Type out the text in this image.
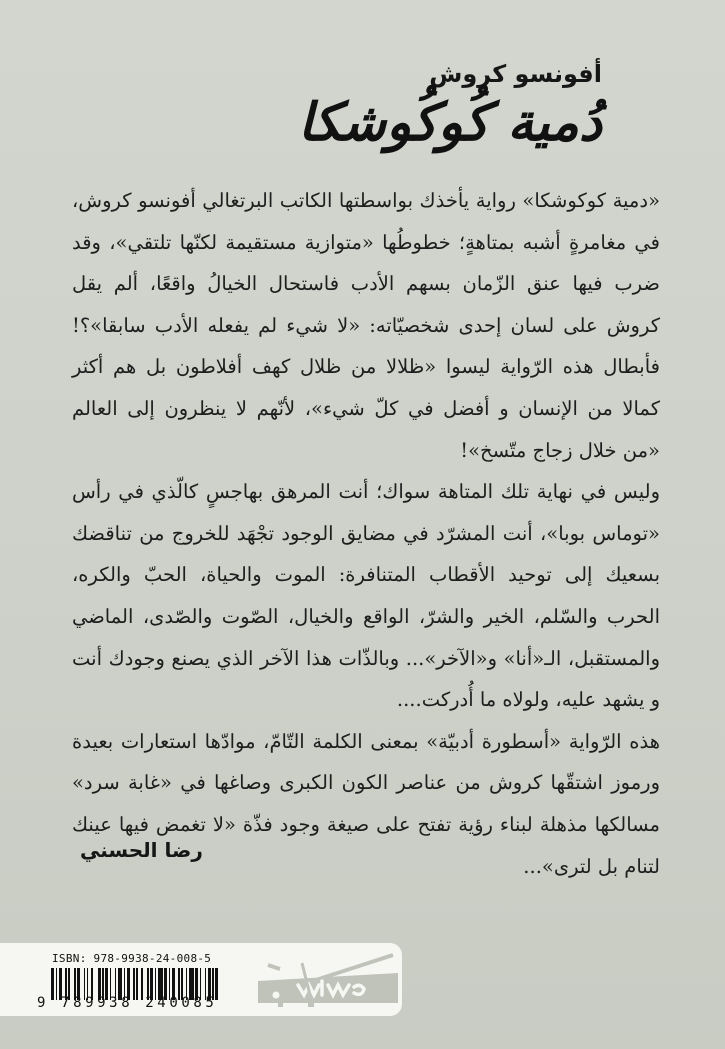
أفونسو كروش
دُمية كُوكُوشكا

«دمية كوكوشكا» رواية يأخذك بواسطتها الكاتب البرتغالي أفونسو كروش، في مغامرةٍ أشبه بمتاهةٍ؛ خطوطُها «متوازية مستقيمة لكنّها تلتقي»، وقد ضرب فيها عنق الزّمان بسهم الأدب فاستحال الخيالُ واقعًا، ألم يقل كروش على لسان إحدى شخصيّاته: «لا شيء لم يفعله الأدب سابقا»؟! فأبطال هذه الرّواية ليسوا «ظلالا من ظلال كهف أفلاطون بل هم أكثر كمالا من الإنسان و أفضل في كلّ شيء»، لأنّهم لا ينظرون إلى العالم «من خلال زجاج متّسخ»!

وليس في نهاية تلك المتاهة سواك؛ أنت المرهق بهاجسٍ كالّذي في رأس «توماس بوبا»، أنت المشرّد في مضايق الوجود تجْهَد للخروج من تناقضك بسعيك إلى توحيد الأقطاب المتنافرة: الموت والحياة، الحبّ والكره، الحرب والسّلم، الخير والشرّ، الواقع والخيال، الصّوت والصّدى، الماضي والمستقبل، الـ«أنا» و«الآخر»... وبالذّات هذا الآخر الذي يصنع وجودك أنت و يشهد عليه، ولولاه ما أُدركت....

هذه الرّواية «أسطورة أدبيّة» بمعنى الكلمة التّامّ، موادّها استعارات بعيدة ورموز اشتقّها كروش من عناصر الكون الكبرى وصاغها في «غابة سرد» مسالكها مذهلة لبناء رؤية تفتح على صيغة وجود فذّة «لا تغمض فيها عينك لتنام بل لترى»...

رضا الحسني
ISBN: 978-9938-24-008-5
9 789938 240085
